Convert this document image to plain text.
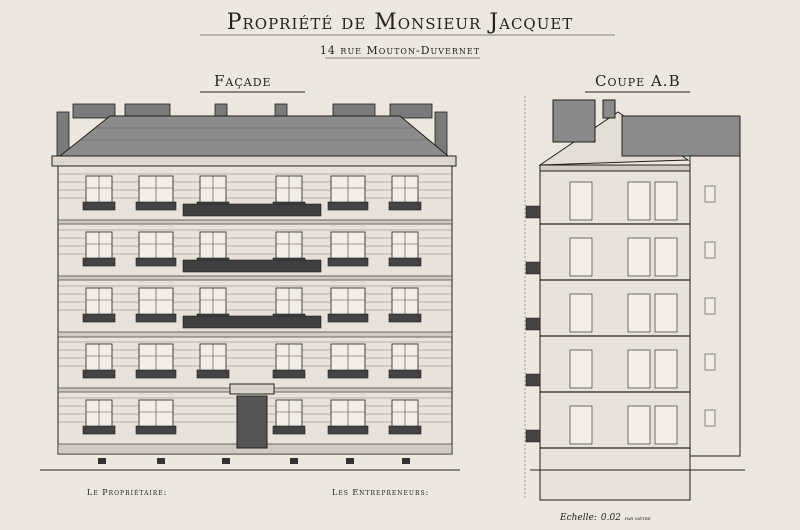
Propriété de Monsieur Jacquet
14 rue Mouton-Duvernet
Façade	Coupe A.B
Le Propriétaire:	Les Entrepreneurs:
Echelle: 0.02 par mètre
